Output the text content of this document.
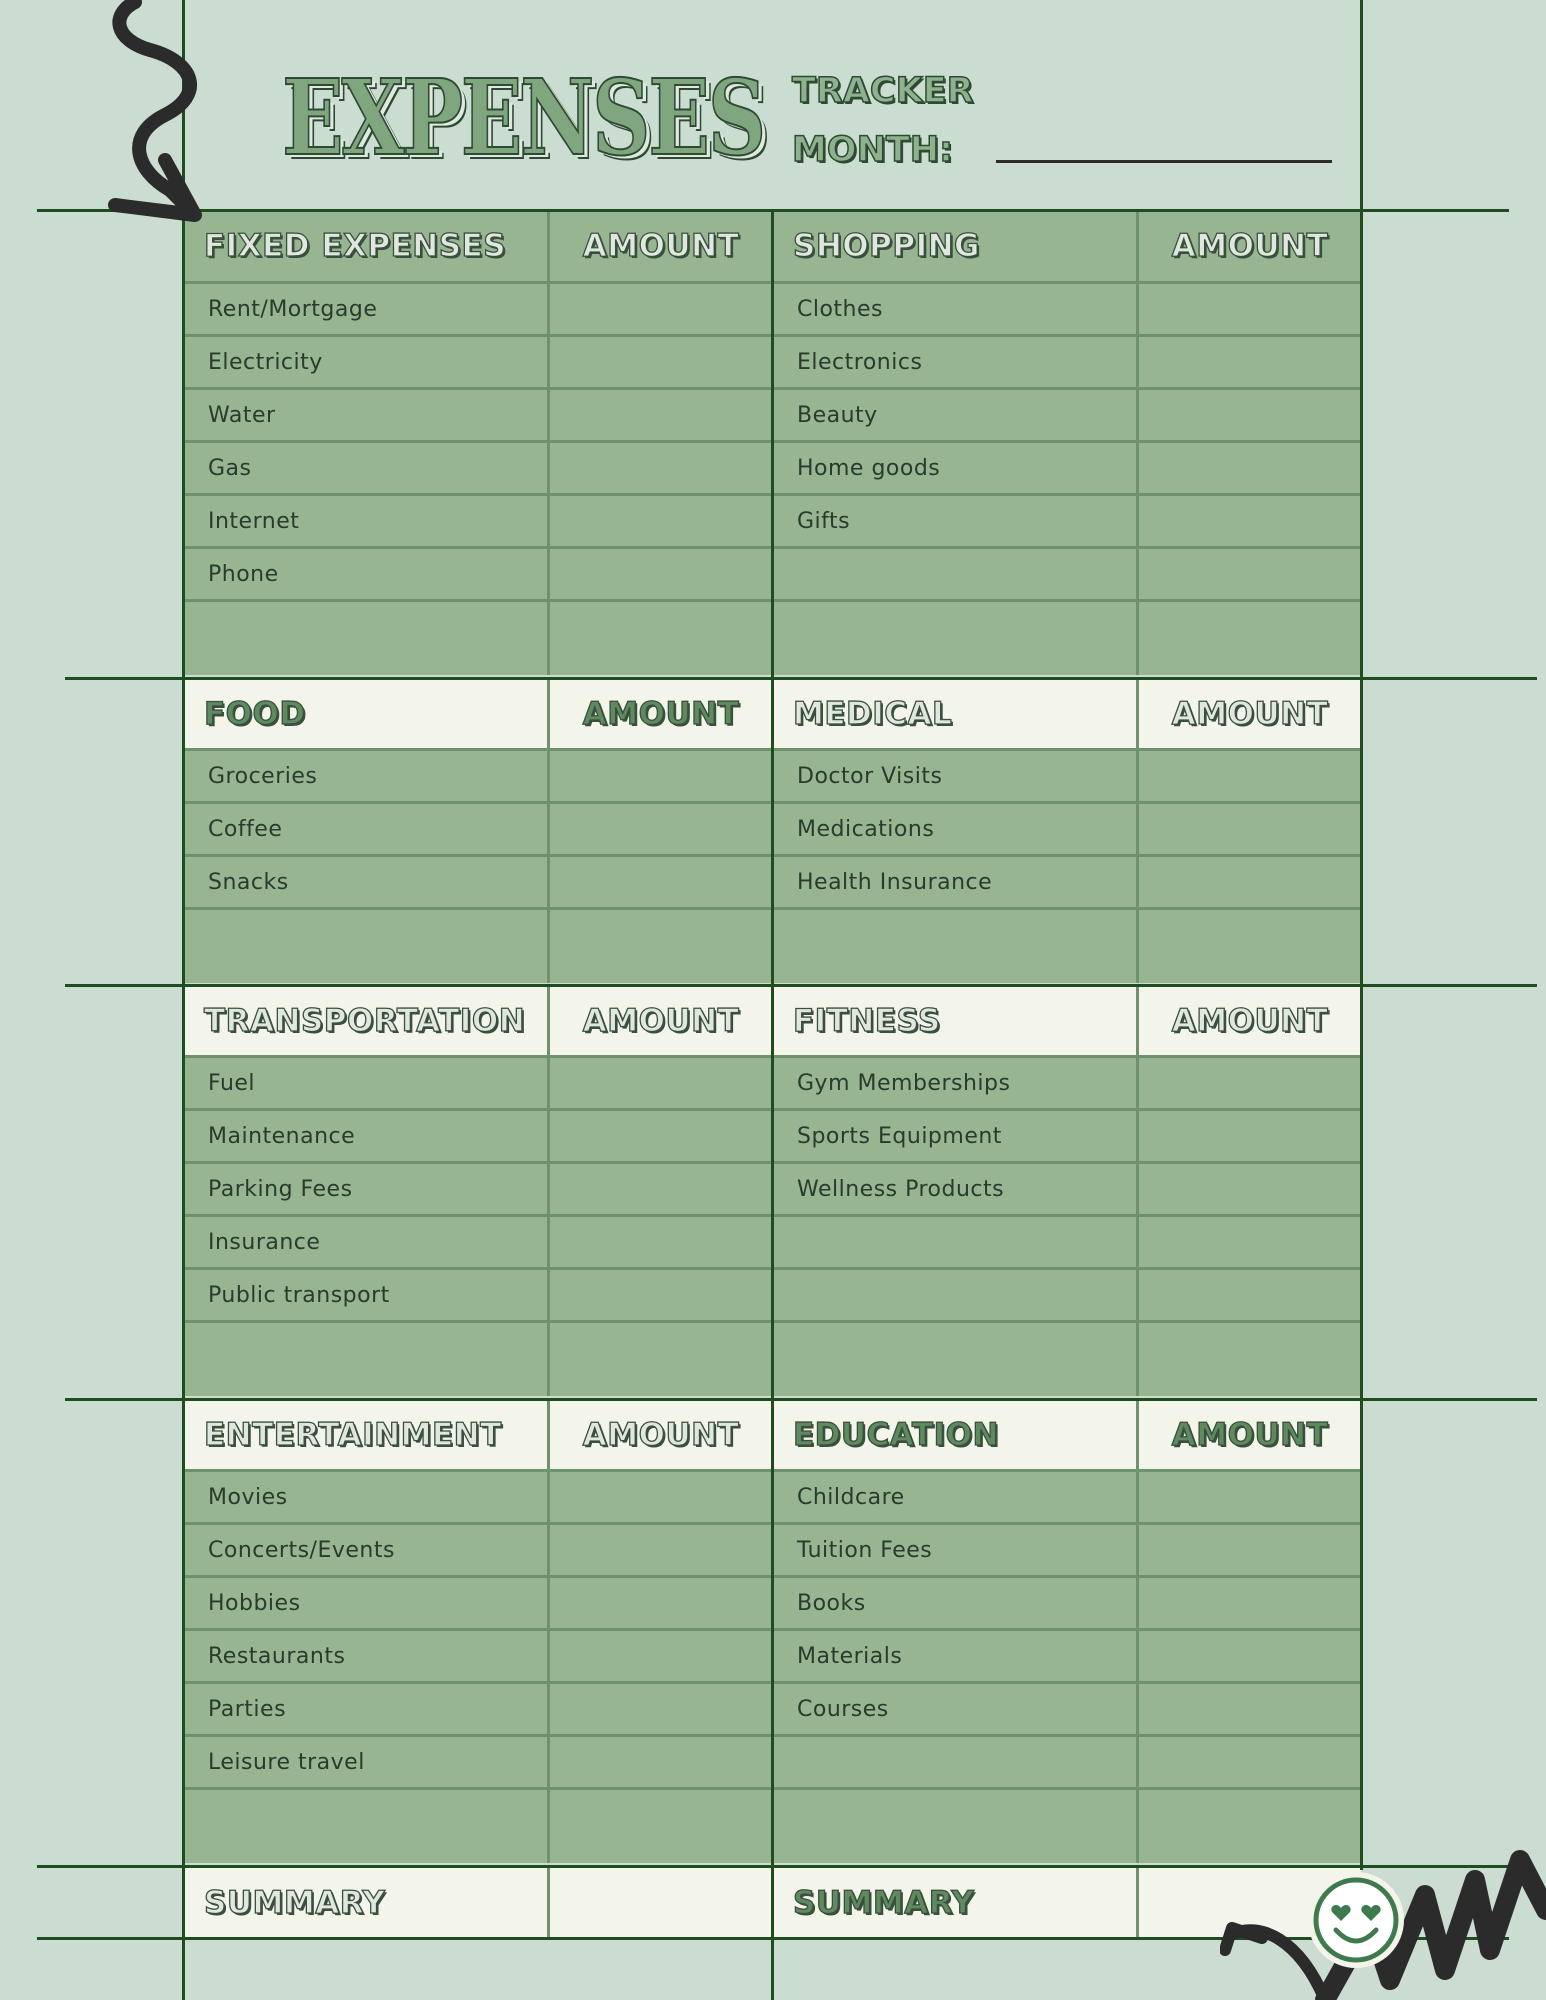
EXPENSES TRACKER
MONTH:
FIXED EXPENSES AMOUNT
Rent/Mortgage
Electricity
Water
Gas
Internet
Phone
SHOPPING	AMOUNT
Clothes
Electronics
Beauty
Home goods
Gifts
FOOD	AMOUNT
Groceries
Coffee
Snacks
MEDICAL	AMOUNT
Doctor Visits
Medications
Health Insurance
TRANSPORTATION AMOUNT
Fuel
Maintenance
Parking Fees
Insurance
Public transport
FITNESS	AMOUNT
Gym Memberships
Sports Equipment
Wellness Products
ENTERTAINMENT	AMOUNT
Movies
Concerts/Events
Hobbies
Restaurants
Parties
Leisure travel
EDUCATION	AMOUNT
Childcare
Tuition Fees
Books
Materials
Courses
SUMMARY	SUMMARY
